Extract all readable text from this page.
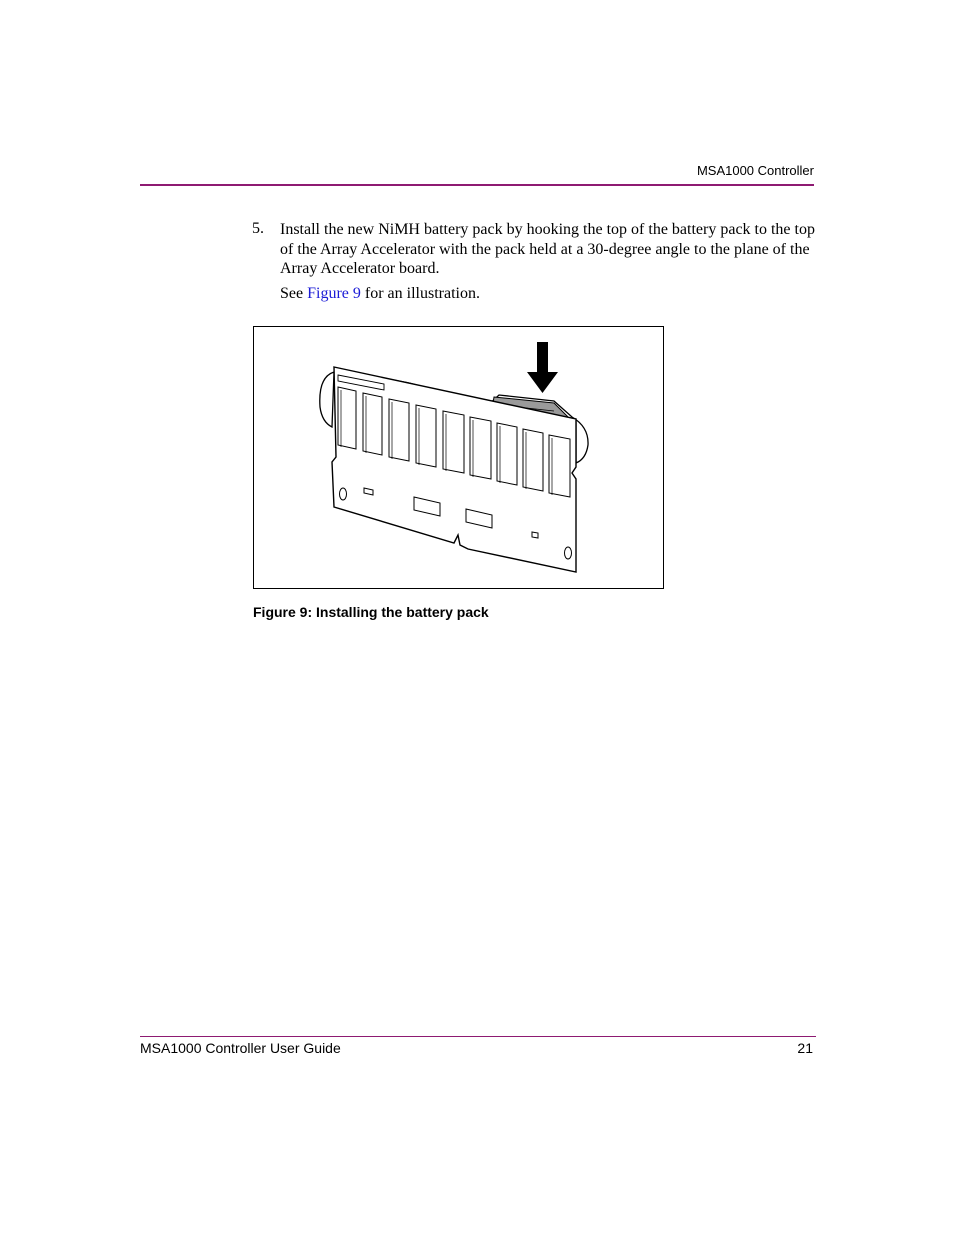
MSA1000 Controller
5. Install the new NiMH battery pack by hooking the top of the battery pack to the top of the Array Accelerator with the pack held at a 30-degree angle to the plane of the Array Accelerator board.
See Figure 9 for an illustration.
Figure 9: Installing the battery pack
MSA1000 Controller User Guide	21
